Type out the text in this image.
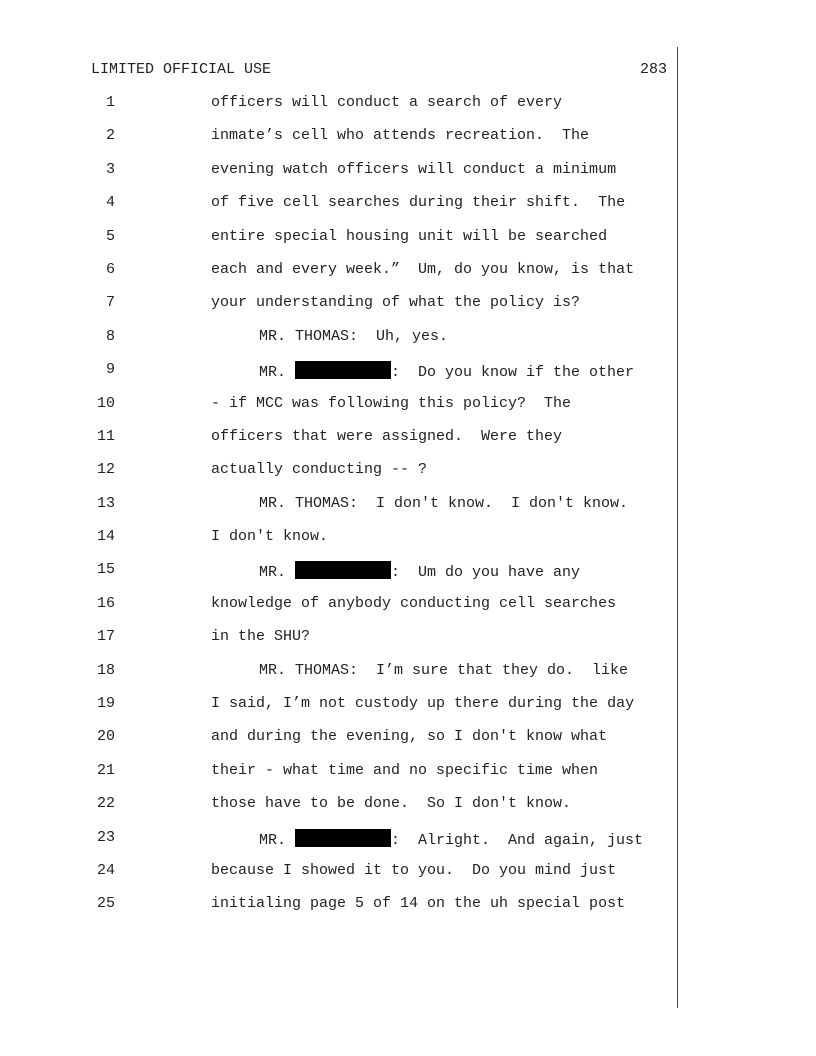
LIMITED OFFICIAL USE	283
1	officers will conduct a search of every
2	inmate’s cell who attends recreation.  The
3	evening watch officers will conduct a minimum
4	of five cell searches during their shift.  The
5	entire special housing unit will be searched
6	each and every week.”  Um, do you know, is that
7	your understanding of what the policy is?
8	MR. THOMAS:  Uh, yes.
9	MR.	:  Do you know if the other
10	- if MCC was following this policy?  The
11	officers that were assigned.  Were they
12	actually conducting -- ?
13	MR. THOMAS:  I don't know.  I don't know.
14	I don't know.
15	MR.	:  Um do you have any
16	knowledge of anybody conducting cell searches
17	in the SHU?
18	MR. THOMAS:  I’m sure that they do.  like
19	I said, I’m not custody up there during the day
20	and during the evening, so I don't know what
21	their - what time and no specific time when
22	those have to be done.  So I don't know.
23	MR.	:  Alright.  And again, just
24	because I showed it to you.  Do you mind just
25	initialing page 5 of 14 on the uh special post
